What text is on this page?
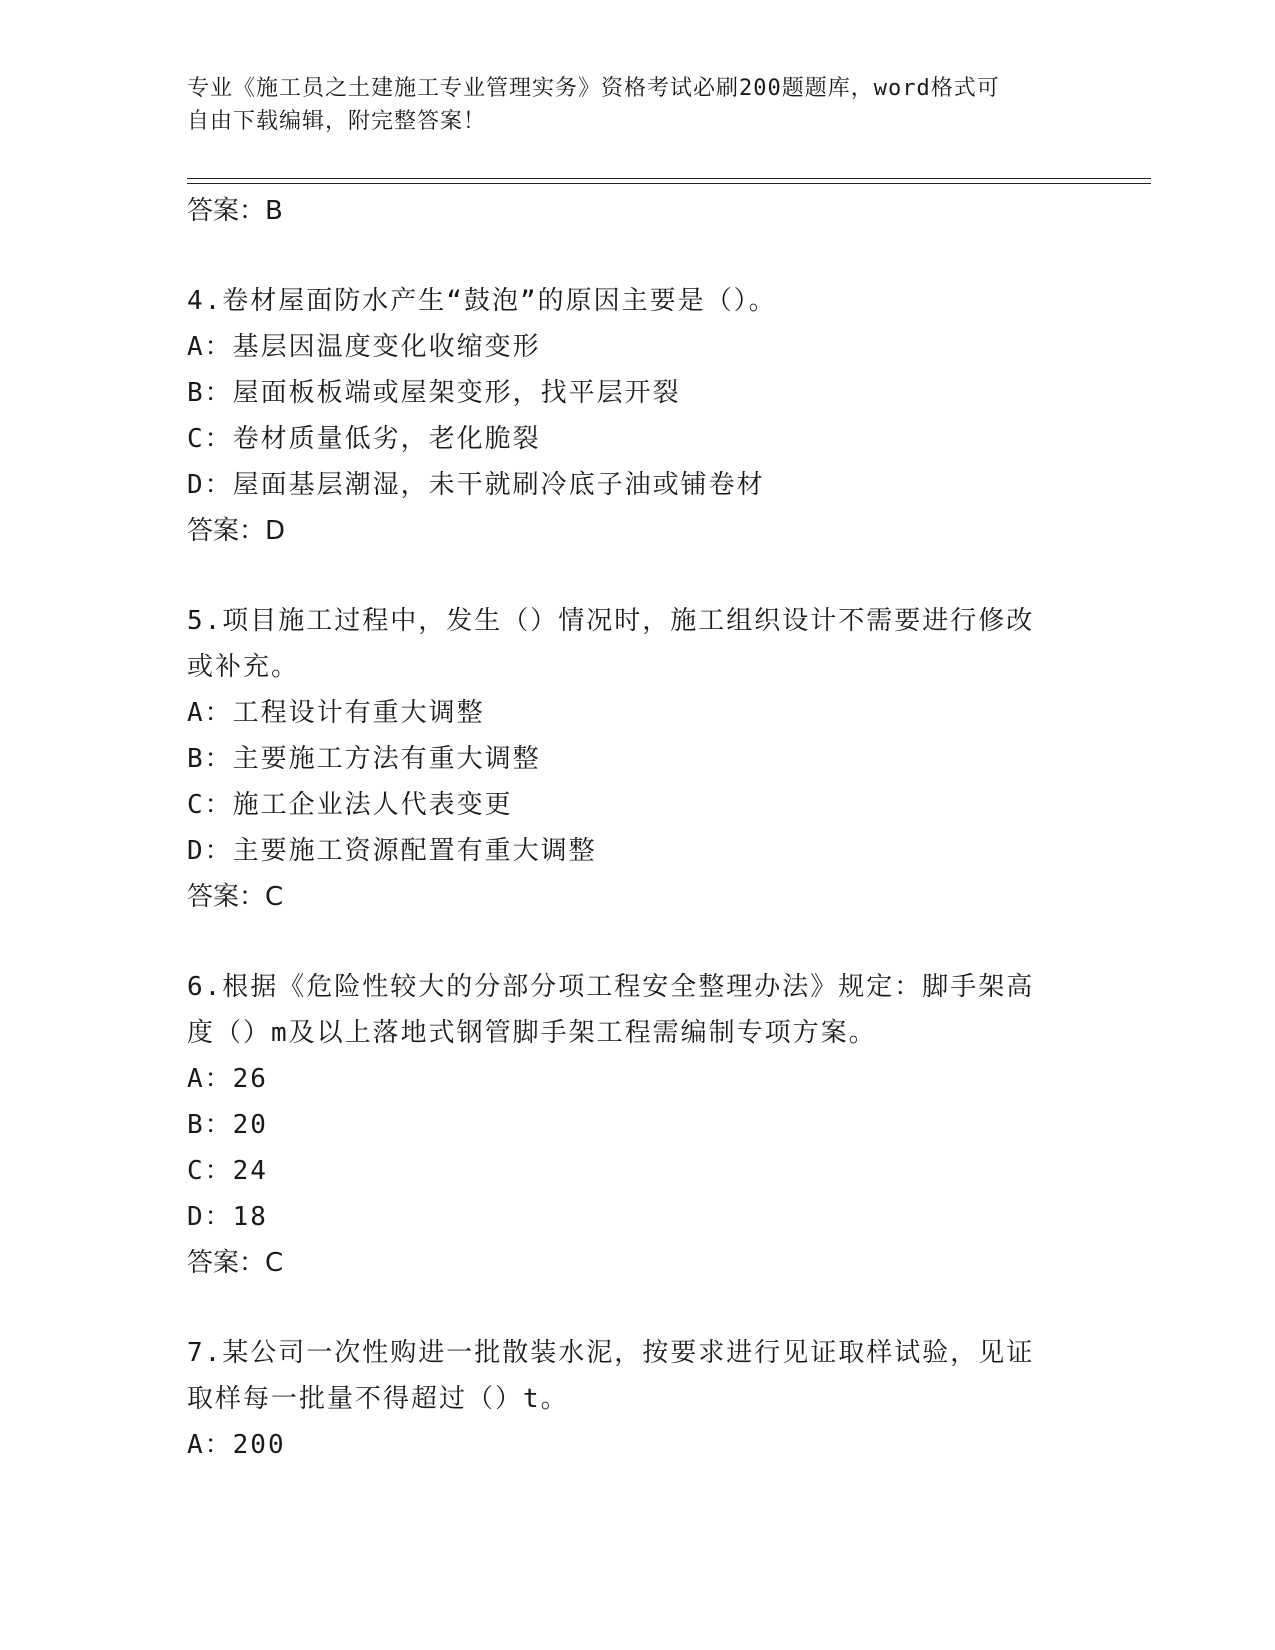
专业《施工员之土建施工专业管理实务》资格考试必刷200题题库，word格式可
自由下载编辑，附完整答案！
答案：B
4.卷材屋面防水产生“鼓泡”的原因主要是（）。
A：基层因温度变化收缩变形
B：屋面板板端或屋架变形，找平层开裂
C：卷材质量低劣，老化脆裂
D：屋面基层潮湿，未干就刷冷底子油或铺卷材
答案：D
5.项目施工过程中，发生（）情况时，施工组织设计不需要进行修改
或补充。
A：工程设计有重大调整
B：主要施工方法有重大调整
C：施工企业法人代表变更
D：主要施工资源配置有重大调整
答案：C
6.根据《危险性较大的分部分项工程安全整理办法》规定：脚手架高
度（）m及以上落地式钢管脚手架工程需编制专项方案。
A：26
B：20
C：24
D：18
答案：C
7.某公司一次性购进一批散装水泥，按要求进行见证取样试验，见证
取样每一批量不得超过（）t。
A：200
